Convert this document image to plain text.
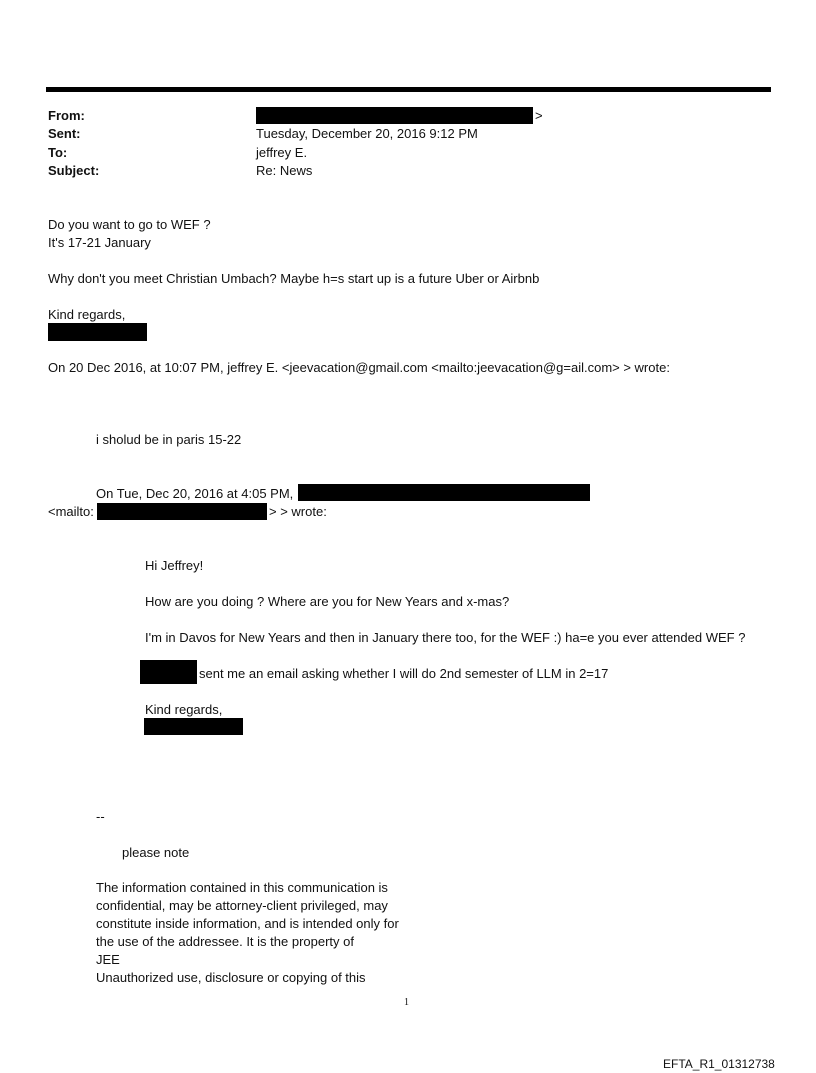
From:	>
Sent:	Tuesday, December 20, 2016 9:12 PM
To:	jeffrey E.
Subject:	Re: News
Do you want to go to WEF ?
It's 17-21 January
Why don't you meet Christian Umbach? Maybe h=s start up is a future Uber or Airbnb
Kind regards,
On 20 Dec 2016, at 10:07 PM, jeffrey E. <jeevacation@gmail.com <mailto:jeevacation@g=ail.com> > wrote:
i sholud be in paris 15-22
On Tue, Dec 20, 2016 at 4:05 PM,
<mailto:	> > wrote:
Hi Jeffrey!
How are you doing ? Where are you for New Years and x-mas?
I'm in Davos for New Years and then in January there too, for the WEF :) ha=e you ever attended WEF ?
sent me an email asking whether I will do 2nd semester of LLM in 2=17
Kind regards,
--
please note
The information contained in this communication is
confidential, may be attorney-client privileged, may
constitute inside information, and is intended only for
the use of the addressee. It is the property of
JEE
Unauthorized use, disclosure or copying of this
1
EFTA_R1_01312738
